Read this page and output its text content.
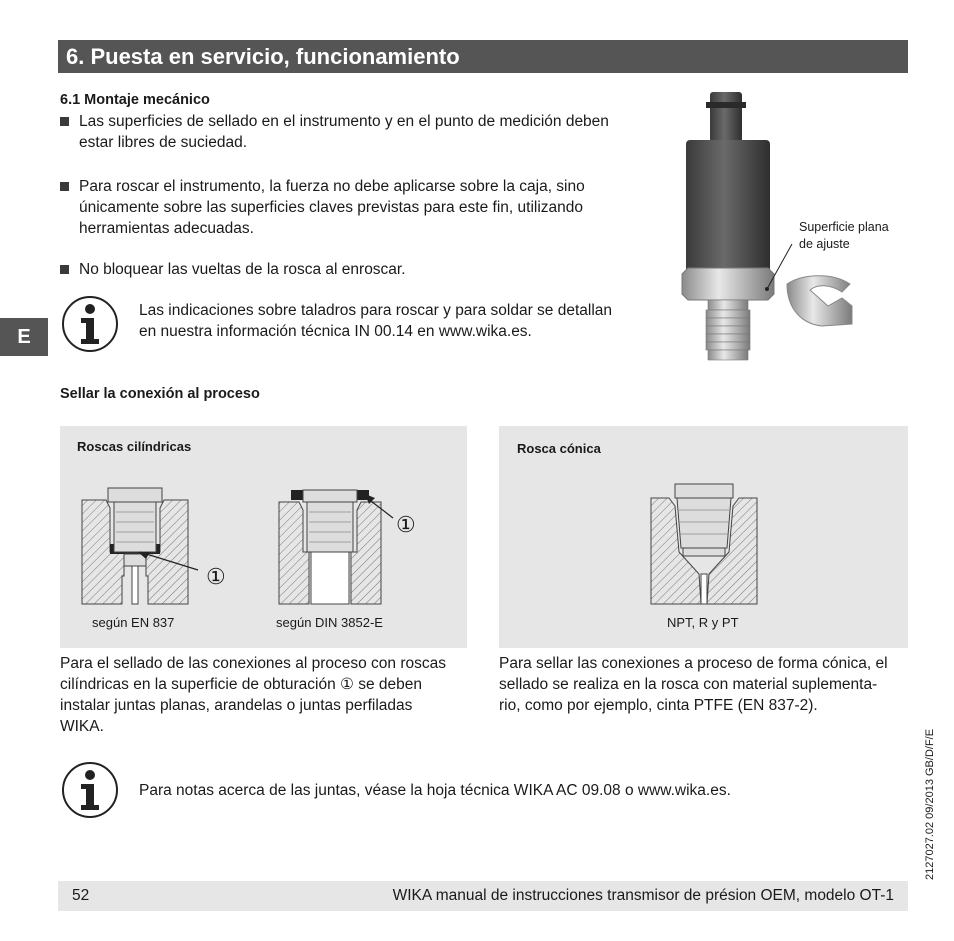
6. Puesta en servicio, funcionamiento
E
6.1 Montaje mecánico
Las superficies de sellado en el instrumento y en el punto de medición deben
estar libres de suciedad.
Para roscar el instrumento, la fuerza no debe aplicarse sobre la caja, sino
únicamente sobre las superficies claves previstas para este fin, utilizando
herramientas adecuadas.
No bloquear las vueltas de la rosca al enroscar.
Las indicaciones sobre taladros para roscar y para soldar se detallan
en nuestra información técnica IN 00.14 en www.wika.es.
Superficie plana
de ajuste
Sellar la conexión al proceso
Roscas cilíndricas
①
según EN 837
①
según DIN 3852-E
Para el sellado de las conexiones al proceso con roscas
cilíndricas en la superficie de obturación ① se deben
instalar juntas planas, arandelas o juntas perfiladas
WIKA.
Rosca cónica
NPT, R y PT
Para sellar las conexiones a proceso de forma cónica, el
sellado se realiza en la rosca con material suplementa-
rio, como por ejemplo, cinta PTFE (EN 837-2).
Para notas acerca de las juntas, véase la hoja técnica WIKA AC 09.08 o www.wika.es.	2127027.02 09/2013 GB/D/F/E
52	WIKA manual de instrucciones transmisor de présion OEM, modelo OT-1
